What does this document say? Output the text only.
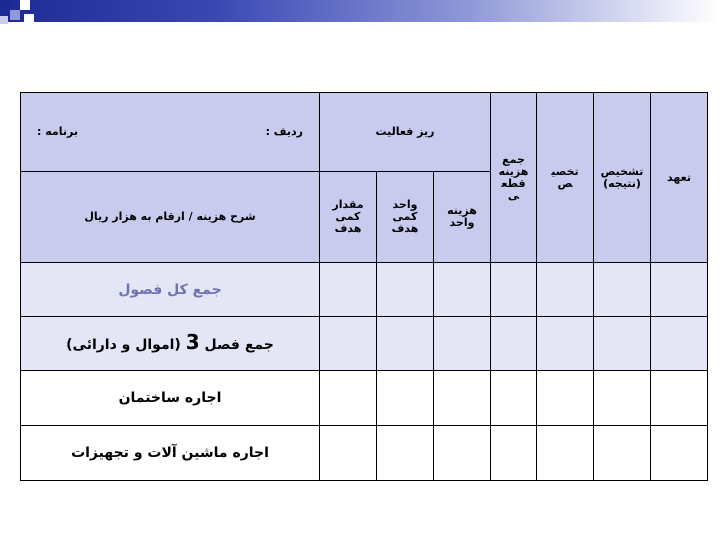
ردیف :
برنامه :	ریز فعالیت			جمع هزینه قطعی	تخصیص	تشخیص (نتیجه)	تعهد
شرح هزینه / ارقام به هزار ریال	مقدار کمی هدف	واحد کمی هدف	هزینه واحد				

جمع کل فصول							
جمع فصل 3 (اموال و دارائی)							
اجاره ساختمان							
اجاره ماشین آلات و تجهیزات							
